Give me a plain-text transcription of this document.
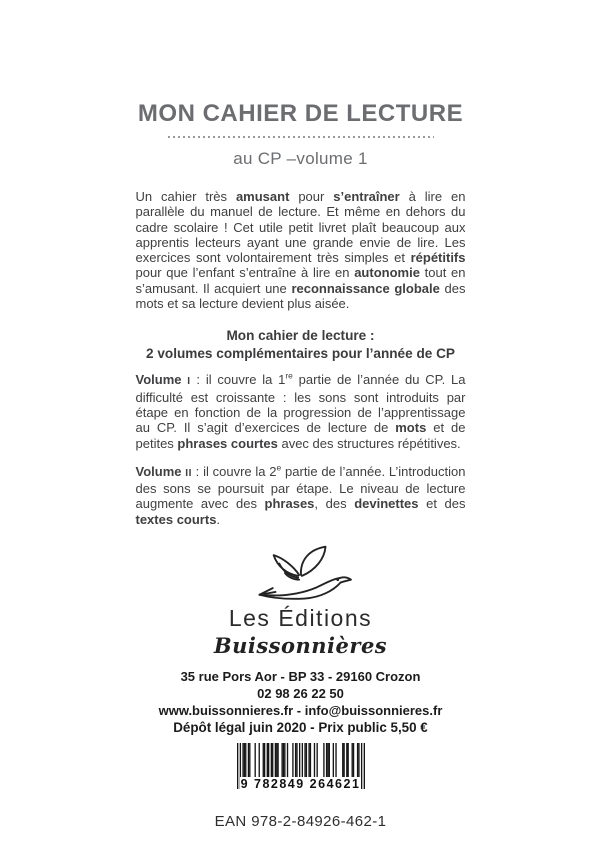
MON CAHIER DE LECTURE
au CP –volume 1

Un cahier très amusant pour s’entraîner à lire en parallèle du manuel de lecture. Et même en dehors du cadre scolaire ! Cet utile petit livret plaît beaucoup aux apprentis lecteurs ayant une grande envie de lire. Les exercices sont volontairement très simples et répétitifs pour que l’enfant s’entraîne à lire en autonomie tout en s’amusant. Il acquiert une reconnaissance globale des mots et sa lecture devient plus aisée.

Mon cahier de lecture :
2 volumes complémentaires pour l’année de CP

Volume I : il couvre la 1re partie de l’année du CP. La difficulté est croissante : les sons sont introduits par étape en fonction de la progression de l’apprentissage au CP. Il s’agit d’exercices de lecture de mots et de petites phrases courtes avec des structures répétitives.

Volume II : il couvre la 2e partie de l’année. L’introduction des sons se poursuit par étape. Le niveau de lecture augmente avec des phrases, des devinettes et des textes courts.

Les Éditions
Buissonnières
35 rue Pors Aor - BP 33 - 29160 Crozon
02 98 26 22 50
www.buissonnieres.fr - info@buissonnieres.fr
Dépôt légal juin 2020 - Prix public 5,50 €
9 782849 264621
EAN 978-2-84926-462-1
